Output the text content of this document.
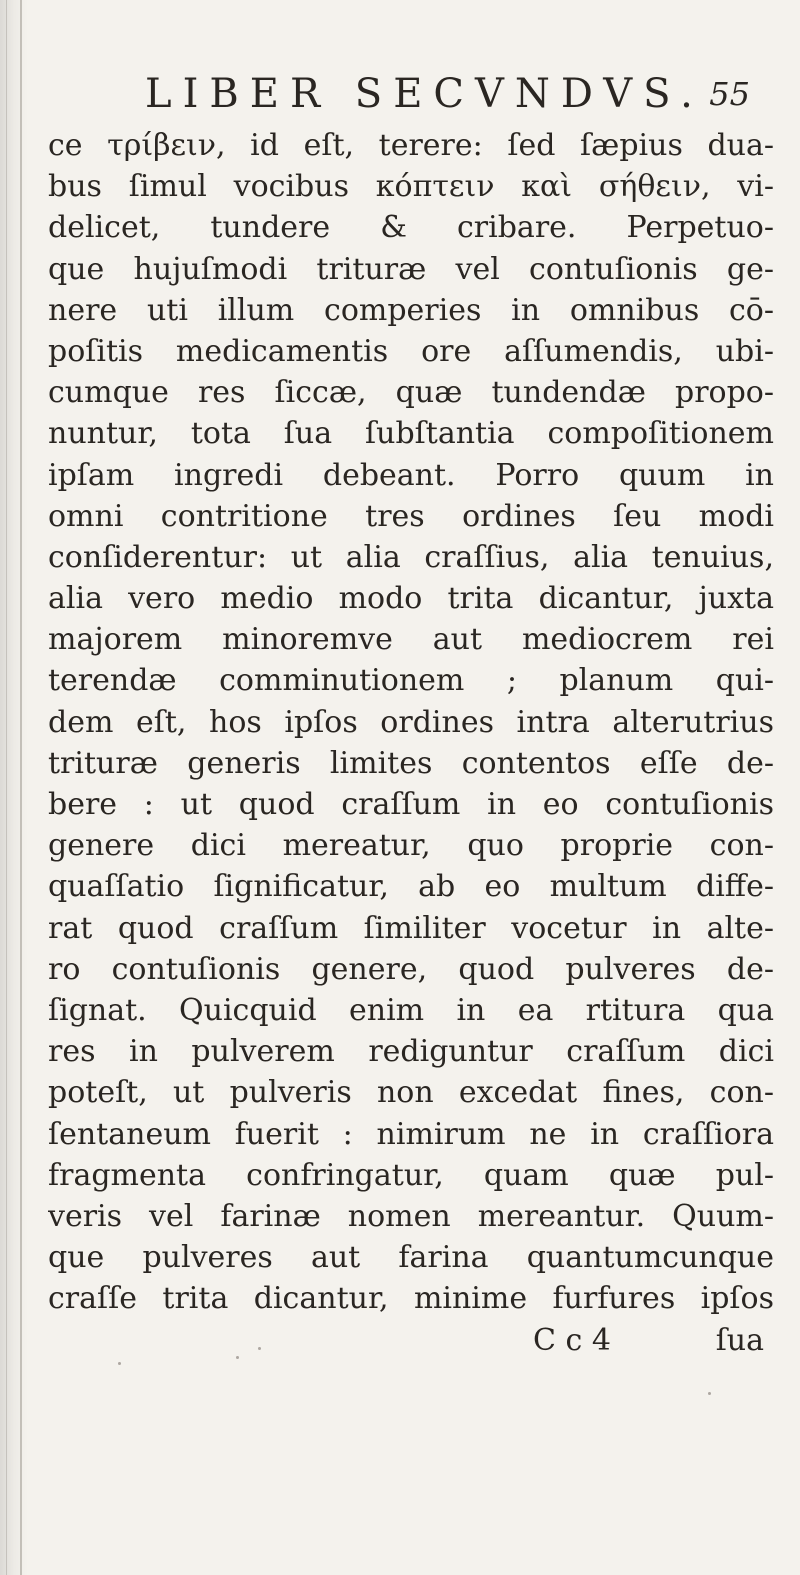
LIBER SECVNDVS. 55
ce τρίβειν, id eſt, terere: ſed ſæpius dua-
bus ſimul vocibus κόπτειν καὶ σήθειν, vi-
delicet, tundere & cribare. Perpetuo-
que hujuſmodi trituræ vel contuſionis ge-
nere uti illum comperies in omnibus cō-
poſitis medicamentis ore aſſumendis, ubi-
cumque res ſiccæ, quæ tundendæ propo-
nuntur, tota ſua ſubſtantia compoſitionem
ipſam ingredi debeant. Porro quum in
omni contritione tres ordines ſeu modi
conſiderentur: ut alia craſſius, alia tenuius,
alia vero medio modo trita dicantur, juxta
majorem minoremve aut mediocrem rei
terendæ comminutionem ; planum qui-
dem eſt, hos ipſos ordines intra alterutrius
trituræ generis limites contentos eſſe de-
bere : ut quod craſſum in eo contuſionis
genere dici mereatur, quo proprie con-
quaſſatio ſignificatur, ab eo multum diffe-
rat quod craſſum ſimiliter vocetur in alte-
ro contuſionis genere, quod pulveres de-
ſignat. Quicquid enim in ea rtitura qua
res in pulverem rediguntur craſſum dici
poteſt, ut pulveris non excedat fines, con-
ſentaneum fuerit : nimirum ne in craſſiora
fragmenta confringatur, quam quæ pul-
veris vel farinæ nomen mereantur. Quum-
que pulveres aut farina quantumcunque
craſſe trita dicantur, minime furfures ipſos
C c 4	ſua
